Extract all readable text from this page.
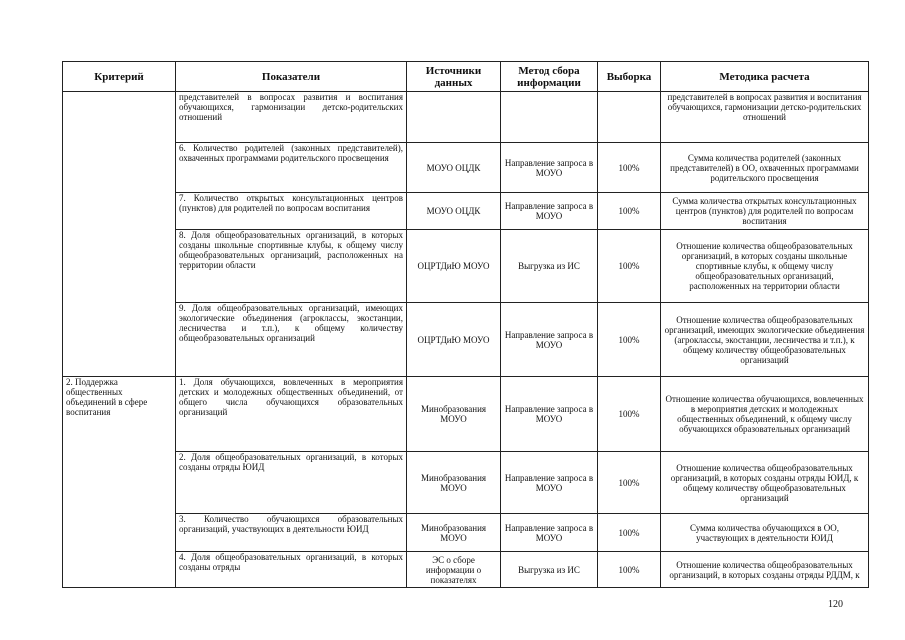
Критерий	Показатели	Источники данных	Метод сбора информации	Выборка	Методика расчета
	представителей в вопросах развития и воспитания обучающихся, гармонизации детско-родительских отношений				представителей в вопросах развития и воспитания обучающихся, гармонизации детско-родительских отношений
	6. Количество родителей (законных представителей), охваченных программами родительского просвещения	МОУО ОЦДК	Направление запроса в МОУО	100%	Сумма количества родителей (законных представителей) в ОО, охваченных программами родительского просвещения
	7. Количество открытых консультационных центров (пунктов) для родителей по вопросам воспитания	МОУО ОЦДК	Направление запроса в МОУО	100%	Сумма количества открытых консультационных центров (пунктов) для родителей по вопросам воспитания
	8. Доля общеобразовательных организаций, в которых созданы школьные спортивные клубы, к общему числу общеобразовательных организаций, расположенных на территории области	ОЦРТДиЮ МОУО	Выгрузка из ИС	100%	Отношение количества общеобразовательных организаций, в которых созданы школьные спортивные клубы, к общему числу общеобразовательных организаций, расположенных на территории области
	9. Доля общеобразовательных организаций, имеющих экологические объединения (агроклассы, экостанции, лесничества и т.п.), к общему количеству общеобразовательных организаций	ОЦРТДиЮ МОУО	Направление запроса в МОУО	100%	Отношение количества общеобразовательных организаций, имеющих экологические объединения (агроклассы, экостанции, лесничества и т.п.), к общему количеству общеобразовательных организаций
2. Поддержка общественных объединений в сфере воспитания	1. Доля обучающихся, вовлеченных в мероприятия детских и молодежных общественных объединений, от общего числа обучающихся образовательных организаций	Минобразования МОУО	Направление запроса в МОУО	100%	Отношение количества обучающихся, вовлеченных в мероприятия детских и молодежных общественных объединений, к общему числу обучающихся образовательных организаций
	2. Доля общеобразовательных организаций, в которых созданы отряды ЮИД	Минобразования МОУО	Направление запроса в МОУО	100%	Отношение количества общеобразовательных организаций, в которых созданы отряды ЮИД, к общему количеству общеобразовательных организаций
	3. Количество обучающихся образовательных организаций, участвующих в деятельности ЮИД	Минобразования МОУО	Направление запроса в МОУО	100%	Сумма количества обучающихся в ОО, участвующих в деятельности ЮИД
	4. Доля общеобразовательных организаций, в которых созданы отряды	ЭС о сборе информации о показателях	Выгрузка из ИС	100%	Отношение количества общеобразовательных организаций, в которых созданы отряды РДДМ, к
120
